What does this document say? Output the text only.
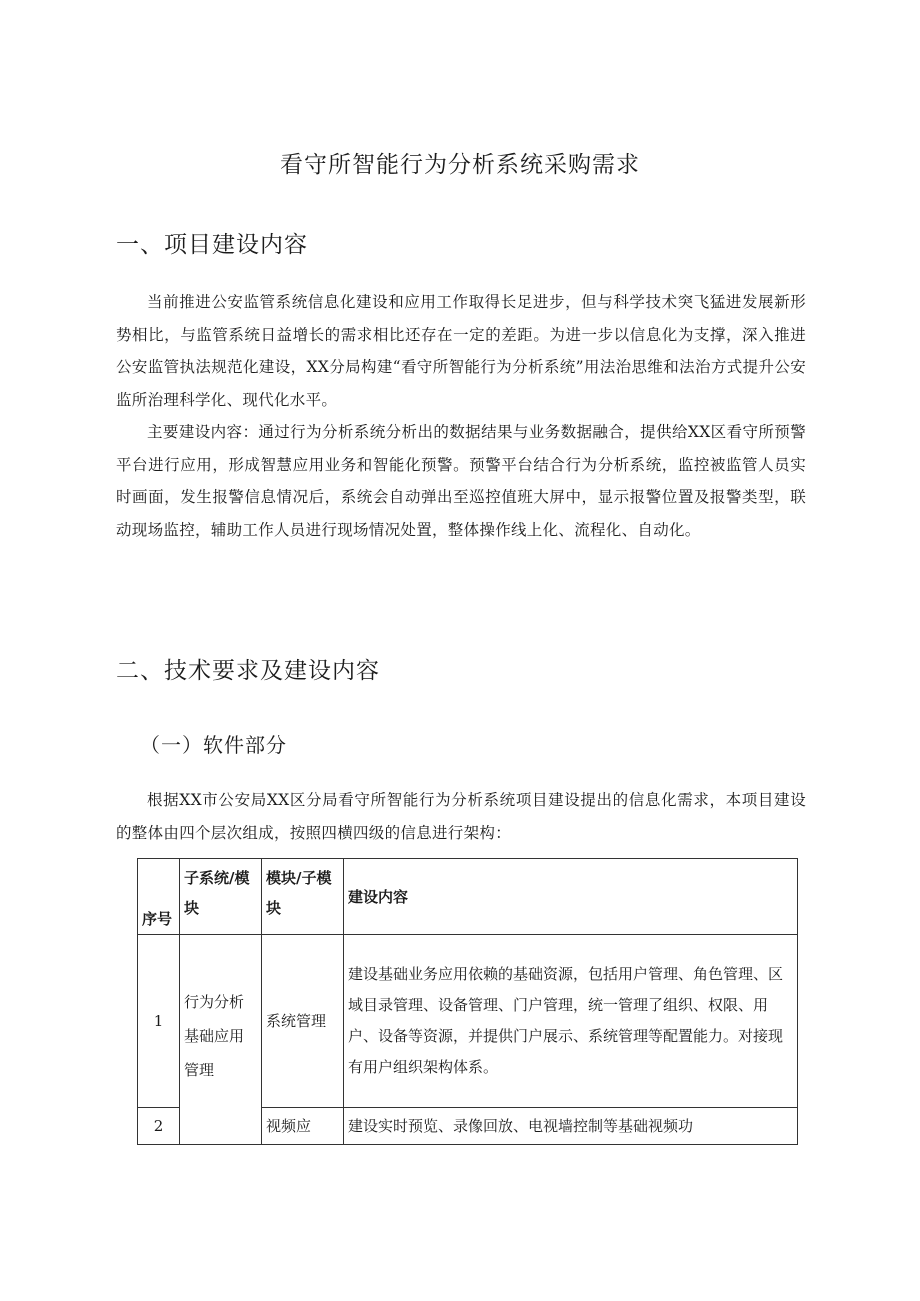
看守所智能行为分析系统采购需求
一、项目建设内容

当前推进公安监管系统信息化建设和应用工作取得长足进步，但与科学技术突飞猛进发展新形势相比，与监管系统日益增长的需求相比还存在一定的差距。为进一步以信息化为支撑，深入推进公安监管执法规范化建设，XX分局构建“看守所智能行为分析系统”用法治思维和法治方式提升公安监所治理科学化、现代化水平。

主要建设内容：通过行为分析系统分析出的数据结果与业务数据融合，提供给XX区看守所预警平台进行应用，形成智慧应用业务和智能化预警。预警平台结合行为分析系统，监控被监管人员实时画面，发生报警信息情况后，系统会自动弹出至巡控值班大屏中，显示报警位置及报警类型，联动现场监控，辅助工作人员进行现场情况处置，整体操作线上化、流程化、自动化。

二、技术要求及建设内容
（一）软件部分

根据XX市公安局XX区分局看守所智能行为分析系统项目建设提出的信息化需求，本项目建设的整体由四个层次组成，按照四横四级的信息进行架构：

序号	子系统/模块	模块/子模块	建设内容
1	行为分析基础应用管理	系统管理	建设基础业务应用依赖的基础资源，包括用户管理、角色管理、区域目录管理、设备管理、门户管理，统一管理了组织、权限、用户、设备等资源，并提供门户展示、系统管理等配置能力。对接现有用户组织架构体系。
2		视频应	建设实时预览、录像回放、电视墙控制等基础视频功
